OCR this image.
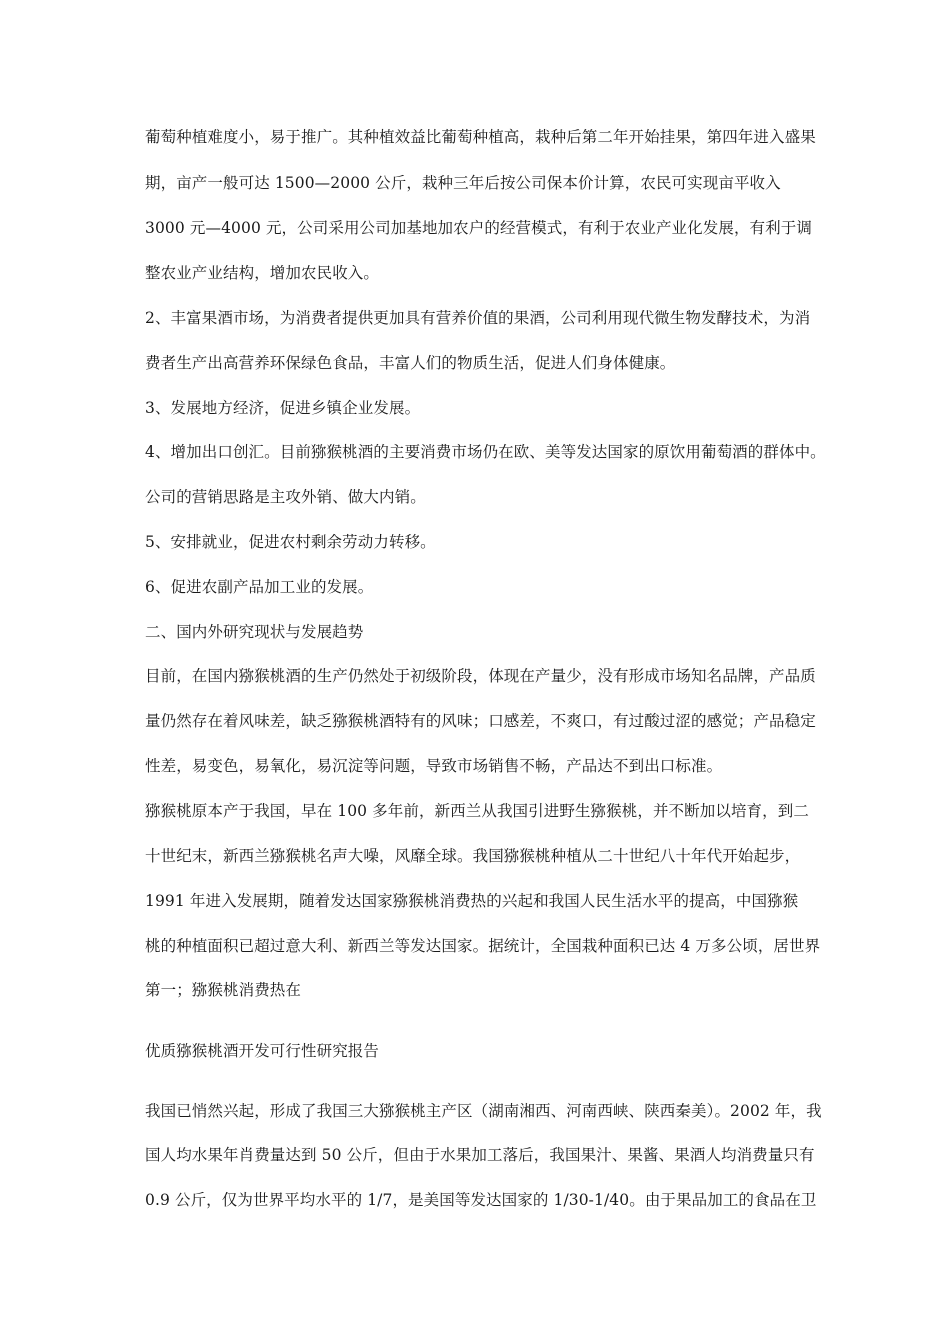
葡萄种植难度小，易于推广。其种植效益比葡萄种植高，栽种后第二年开始挂果，第四年进入盛果

期，亩产一般可达 1500—2000 公斤，栽种三年后按公司保本价计算，农民可实现亩平收入

3000 元—4000 元，公司采用公司加基地加农户的经营模式，有利于农业产业化发展，有利于调

整农业产业结构，增加农民收入。

2、丰富果酒市场，为消费者提供更加具有营养价值的果酒，公司利用现代微生物发酵技术，为消

费者生产出高营养环保绿色食品，丰富人们的物质生活，促进人们身体健康。

3、发展地方经济，促进乡镇企业发展。

4、增加出口创汇。目前猕猴桃酒的主要消费市场仍在欧、美等发达国家的原饮用葡萄酒的群体中。

公司的营销思路是主攻外销、做大内销。

5、安排就业，促进农村剩余劳动力转移。

6、促进农副产品加工业的发展。

二、国内外研究现状与发展趋势

目前，在国内猕猴桃酒的生产仍然处于初级阶段，体现在产量少，没有形成市场知名品牌，产品质

量仍然存在着风味差，缺乏猕猴桃酒特有的风味；口感差，不爽口，有过酸过涩的感觉；产品稳定

性差，易变色，易氧化，易沉淀等问题，导致市场销售不畅，产品达不到出口标准。

猕猴桃原本产于我国，早在 100 多年前，新西兰从我国引进野生猕猴桃，并不断加以培育，到二

十世纪末，新西兰猕猴桃名声大噪，风靡全球。我国猕猴桃种植从二十世纪八十年代开始起步，

1991 年进入发展期，随着发达国家猕猴桃消费热的兴起和我国人民生活水平的提高，中国猕猴

桃的种植面积已超过意大利、新西兰等发达国家。据统计，全国栽种面积已达 4 万多公顷，居世界

第一；猕猴桃消费热在

优质猕猴桃酒开发可行性研究报告

我国已悄然兴起，形成了我国三大猕猴桃主产区（湖南湘西、河南西峡、陕西秦美）。2002 年，我

国人均水果年肖费量达到 50 公斤，但由于水果加工落后，我国果汁、果酱、果酒人均消费量只有

0.9 公斤，仅为世界平均水平的 1/7，是美国等发达国家的 1/30-1/40。由于果品加工的食品在卫
